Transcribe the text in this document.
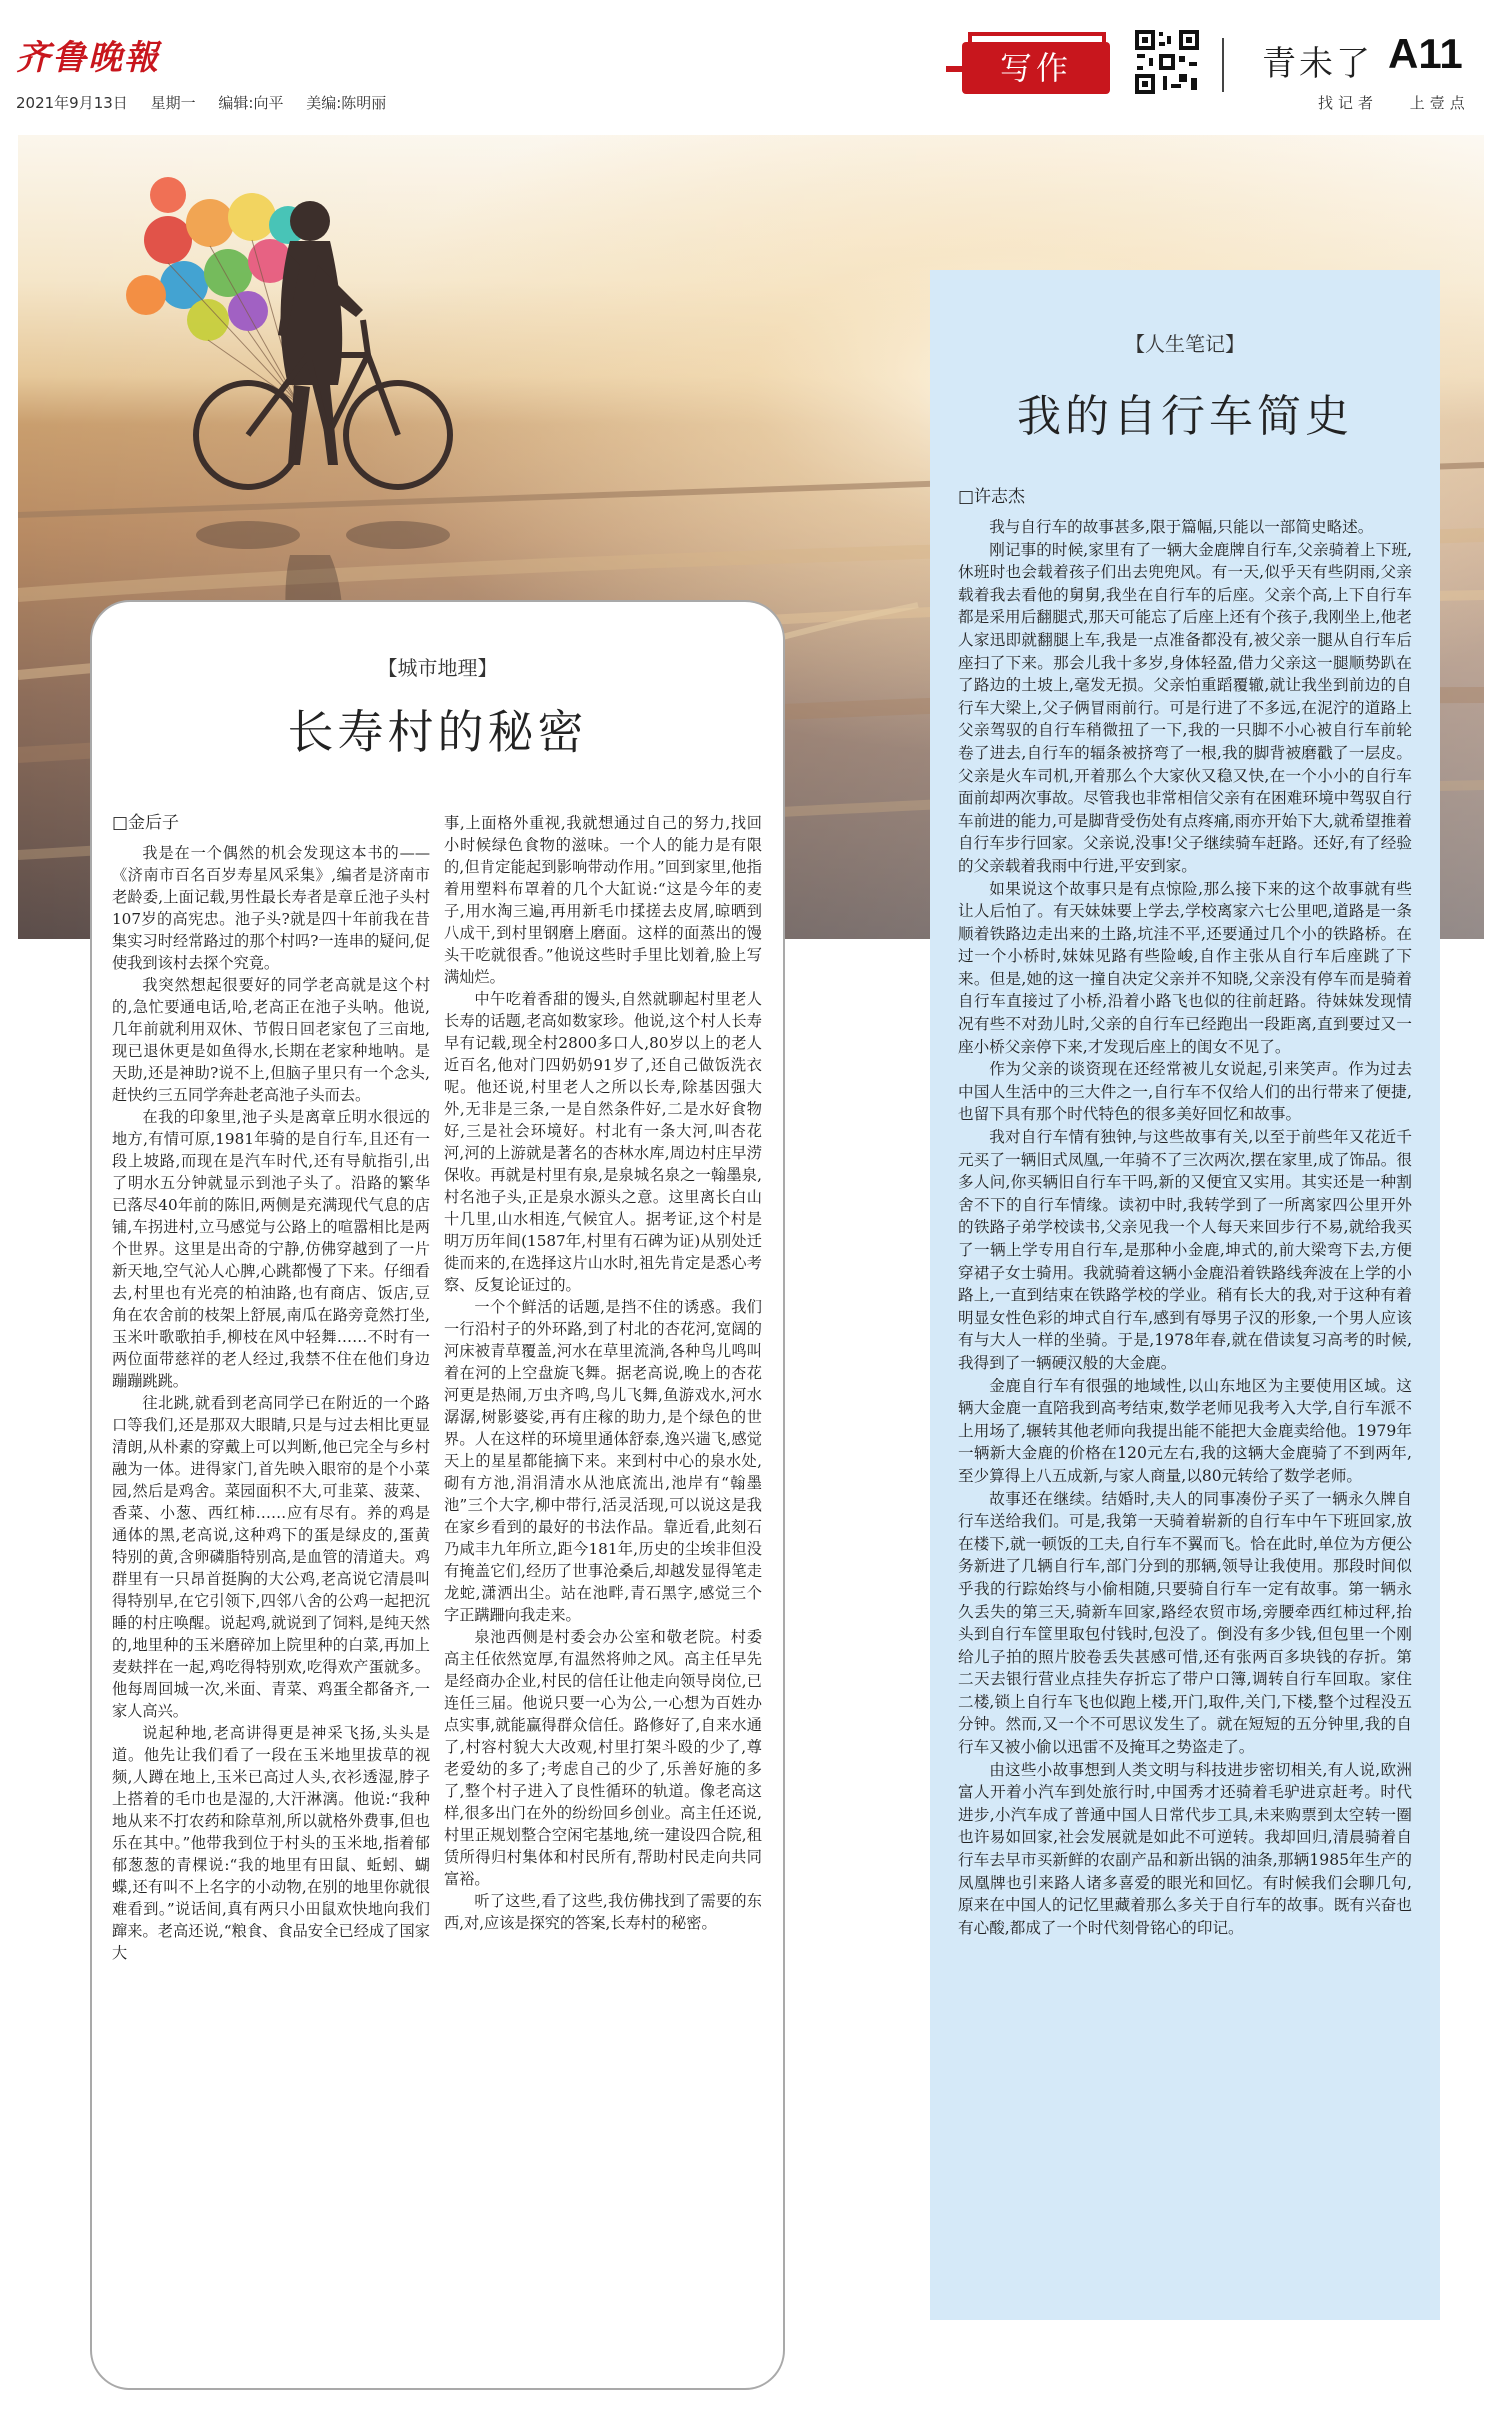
齐鲁晚報
2021年9月13日 星期一 编辑:向平 美编:陈明丽
写作	青未了 A11
找记者 上壹点
【城市地理】
长寿村的秘密
□金后子

我是在一个偶然的机会发现这本书的——《济南市百名百岁寿星风采集》,编者是济南市老龄委,上面记载,男性最长寿者是章丘池子头村107岁的高宪忠。池子头?就是四十年前我在昔集实习时经常路过的那个村吗?一连串的疑问,促使我到该村去探个究竟。

我突然想起很要好的同学老高就是这个村的,急忙要通电话,哈,老高正在池子头呐。他说,几年前就利用双休、节假日回老家包了三亩地,现已退休更是如鱼得水,长期在老家种地呐。是天助,还是神助?说不上,但脑子里只有一个念头,赶快约三五同学奔赴老高池子头而去。

在我的印象里,池子头是离章丘明水很远的地方,有情可原,1981年骑的是自行车,且还有一段上坡路,而现在是汽车时代,还有导航指引,出了明水五分钟就显示到池子头了。沿路的繁华已落尽40年前的陈旧,两侧是充满现代气息的店铺,车拐进村,立马感觉与公路上的喧嚣相比是两个世界。这里是出奇的宁静,仿佛穿越到了一片新天地,空气沁人心脾,心跳都慢了下来。仔细看去,村里也有光亮的柏油路,也有商店、饭店,豆角在农舍前的枝架上舒展,南瓜在路旁竟然打坐,玉米叶歌歌拍手,柳枝在风中轻舞……不时有一两位面带慈祥的老人经过,我禁不住在他们身边蹦蹦跳跳。

往北跳,就看到老高同学已在附近的一个路口等我们,还是那双大眼睛,只是与过去相比更显清朗,从朴素的穿戴上可以判断,他已完全与乡村融为一体。进得家门,首先映入眼帘的是个小菜园,然后是鸡舍。菜园面积不大,可韭菜、菠菜、香菜、小葱、西红柿……应有尽有。养的鸡是通体的黑,老高说,这种鸡下的蛋是绿皮的,蛋黄特别的黄,含卵磷脂特别高,是血管的清道夫。鸡群里有一只昂首挺胸的大公鸡,老高说它清晨叫得特别早,在它引领下,四邻八舍的公鸡一起把沉睡的村庄唤醒。说起鸡,就说到了饲料,是纯天然的,地里种的玉米磨碎加上院里种的白菜,再加上麦麸拌在一起,鸡吃得特别欢,吃得欢产蛋就多。他每周回城一次,米面、青菜、鸡蛋全都备齐,一家人高兴。

说起种地,老高讲得更是神采飞扬,头头是道。他先让我们看了一段在玉米地里拔草的视频,人蹲在地上,玉米已高过人头,衣衫透湿,脖子上搭着的毛巾也是湿的,大汗淋漓。他说:“我种地从来不打农药和除草剂,所以就格外费事,但也乐在其中。”他带我到位于村头的玉米地,指着郁郁葱葱的青棵说:“我的地里有田鼠、蚯蚓、蝴蝶,还有叫不上名字的小动物,在别的地里你就很难看到。”说话间,真有两只小田鼠欢快地向我们蹿来。老高还说,“粮食、食品安全已经成了国家大

事,上面格外重视,我就想通过自己的努力,找回小时候绿色食物的滋味。一个人的能力是有限的,但肯定能起到影响带动作用。”回到家里,他指着用塑料布罩着的几个大缸说:“这是今年的麦子,用水淘三遍,再用新毛巾揉搓去皮屑,晾晒到八成干,到村里钢磨上磨面。这样的面蒸出的馒头干吃就很香。”他说这些时手里比划着,脸上写满灿烂。

中午吃着香甜的馒头,自然就聊起村里老人长寿的话题,老高如数家珍。他说,这个村人长寿早有记载,现全村2800多口人,80岁以上的老人近百名,他对门四奶奶91岁了,还自己做饭洗衣呢。他还说,村里老人之所以长寿,除基因强大外,无非是三条,一是自然条件好,二是水好食物好,三是社会环境好。村北有一条大河,叫杏花河,河的上游就是著名的杏林水库,周边村庄早涝保收。再就是村里有泉,是泉城名泉之一翰墨泉,村名池子头,正是泉水源头之意。这里离长白山十几里,山水相连,气候宜人。据考证,这个村是明万历年间(1587年,村里有石碑为证)从别处迁徙而来的,在选择这片山水时,祖先肯定是悉心考察、反复论证过的。

一个个鲜活的话题,是挡不住的诱惑。我们一行沿村子的外环路,到了村北的杏花河,宽阔的河床被青草覆盖,河水在草里流淌,各种鸟儿鸣叫着在河的上空盘旋飞舞。据老高说,晚上的杏花河更是热闹,万虫齐鸣,鸟儿飞舞,鱼游戏水,河水潺潺,树影婆娑,再有庄稼的助力,是个绿色的世界。人在这样的环境里通体舒泰,逸兴遄飞,感觉天上的星星都能摘下来。来到村中心的泉水处,砌有方池,涓涓清水从池底流出,池岸有“翰墨池”三个大字,柳中带行,活灵活现,可以说这是我在家乡看到的最好的书法作品。靠近看,此刻石乃咸丰九年所立,距今181年,历史的尘埃非但没有掩盖它们,经历了世事沧桑后,却越发显得笔走龙蛇,潇洒出尘。站在池畔,青石黑字,感觉三个字正蹒跚向我走来。

泉池西侧是村委会办公室和敬老院。村委高主任依然宽厚,有温然将帅之风。高主任早先是经商办企业,村民的信任让他走向领导岗位,已连任三届。他说只要一心为公,一心想为百姓办点实事,就能赢得群众信任。路修好了,自来水通了,村容村貌大大改观,村里打架斗殴的少了,尊老爱幼的多了;考虑自己的少了,乐善好施的多了,整个村子进入了良性循环的轨道。像老高这样,很多出门在外的纷纷回乡创业。高主任还说,村里正规划整合空闲宅基地,统一建设四合院,租赁所得归村集体和村民所有,帮助村民走向共同富裕。

听了这些,看了这些,我仿佛找到了需要的东西,对,应该是探究的答案,长寿村的秘密。

【人生笔记】
我的自行车简史
□许志杰

我与自行车的故事甚多,限于篇幅,只能以一部简史略述。

刚记事的时候,家里有了一辆大金鹿牌自行车,父亲骑着上下班,休班时也会载着孩子们出去兜兜风。有一天,似乎天有些阴雨,父亲载着我去看他的舅舅,我坐在自行车的后座。父亲个高,上下自行车都是采用后翻腿式,那天可能忘了后座上还有个孩子,我刚坐上,他老人家迅即就翻腿上车,我是一点准备都没有,被父亲一腿从自行车后座扫了下来。那会儿我十多岁,身体轻盈,借力父亲这一腿顺势趴在了路边的土坡上,毫发无损。父亲怕重蹈覆辙,就让我坐到前边的自行车大梁上,父子俩冒雨前行。可是行进了不多远,在泥泞的道路上父亲驾驭的自行车稍微扭了一下,我的一只脚不小心被自行车前轮卷了进去,自行车的辐条被挤弯了一根,我的脚背被磨戳了一层皮。父亲是火车司机,开着那么个大家伙又稳又快,在一个小小的自行车面前却两次事故。尽管我也非常相信父亲有在困难环境中驾驭自行车前进的能力,可是脚背受伤处有点疼痛,雨亦开始下大,就希望推着自行车步行回家。父亲说,没事!父子继续骑车赶路。还好,有了经验的父亲载着我雨中行进,平安到家。

如果说这个故事只是有点惊险,那么接下来的这个故事就有些让人后怕了。有天妹妹要上学去,学校离家六七公里吧,道路是一条顺着铁路边走出来的土路,坑洼不平,还要通过几个小的铁路桥。在过一个小桥时,妹妹见路有些险峻,自作主张从自行车后座跳了下来。但是,她的这一撞自决定父亲并不知晓,父亲没有停车而是骑着自行车直接过了小桥,沿着小路飞也似的往前赶路。待妹妹发现情况有些不对劲儿时,父亲的自行车已经跑出一段距离,直到要过又一座小桥父亲停下来,才发现后座上的闺女不见了。

作为父亲的谈资现在还经常被儿女说起,引来笑声。作为过去中国人生活中的三大件之一,自行车不仅给人们的出行带来了便捷,也留下具有那个时代特色的很多美好回忆和故事。

我对自行车情有独钟,与这些故事有关,以至于前些年又花近千元买了一辆旧式凤凰,一年骑不了三次两次,摆在家里,成了饰品。很多人问,你买辆旧自行车干吗,新的又便宜又实用。其实还是一种割舍不下的自行车情缘。读初中时,我转学到了一所离家四公里开外的铁路子弟学校读书,父亲见我一个人每天来回步行不易,就给我买了一辆上学专用自行车,是那种小金鹿,坤式的,前大梁弯下去,方便穿裙子女士骑用。我就骑着这辆小金鹿沿着铁路线奔波在上学的小路上,一直到结束在铁路学校的学业。稍有长大的我,对于这种有着明显女性色彩的坤式自行车,感到有辱男子汉的形象,一个男人应该有与大人一样的坐骑。于是,1978年春,就在借读复习高考的时候,我得到了一辆硬汉般的大金鹿。

金鹿自行车有很强的地域性,以山东地区为主要使用区域。这辆大金鹿一直陪我到高考结束,数学老师见我考入大学,自行车派不上用场了,辗转其他老师向我提出能不能把大金鹿卖给他。1979年一辆新大金鹿的价格在120元左右,我的这辆大金鹿骑了不到两年,至少算得上八五成新,与家人商量,以80元转给了数学老师。

故事还在继续。结婚时,夫人的同事凑份子买了一辆永久牌自行车送给我们。可是,我第一天骑着崭新的自行车中午下班回家,放在楼下,就一顿饭的工夫,自行车不翼而飞。恰在此时,单位为方便公务新进了几辆自行车,部门分到的那辆,领导让我使用。那段时间似乎我的行踪始终与小偷相随,只要骑自行车一定有故事。第一辆永久丢失的第三天,骑新车回家,路经农贸市场,旁腰牵西红柿过秤,抬头到自行车筐里取包付钱时,包没了。倒没有多少钱,但包里一个刚给儿子拍的照片胶卷丢失甚感可惜,还有张两百多块钱的存折。第二天去银行营业点挂失存折忘了带户口簿,调转自行车回取。家住二楼,锁上自行车飞也似跑上楼,开门,取件,关门,下楼,整个过程没五分钟。然而,又一个不可思议发生了。就在短短的五分钟里,我的自行车又被小偷以迅雷不及掩耳之势盗走了。

由这些小故事想到人类文明与科技进步密切相关,有人说,欧洲富人开着小汽车到处旅行时,中国秀才还骑着毛驴进京赶考。时代进步,小汽车成了普通中国人日常代步工具,未来购票到太空转一圈也许易如回家,社会发展就是如此不可逆转。我却回归,清晨骑着自行车去早市买新鲜的农副产品和新出锅的油条,那辆1985年生产的凤凰牌也引来路人诸多喜爱的眼光和回忆。有时候我们会聊几句,原来在中国人的记忆里藏着那么多关于自行车的故事。既有兴奋也有心酸,都成了一个时代刻骨铭心的印记。
